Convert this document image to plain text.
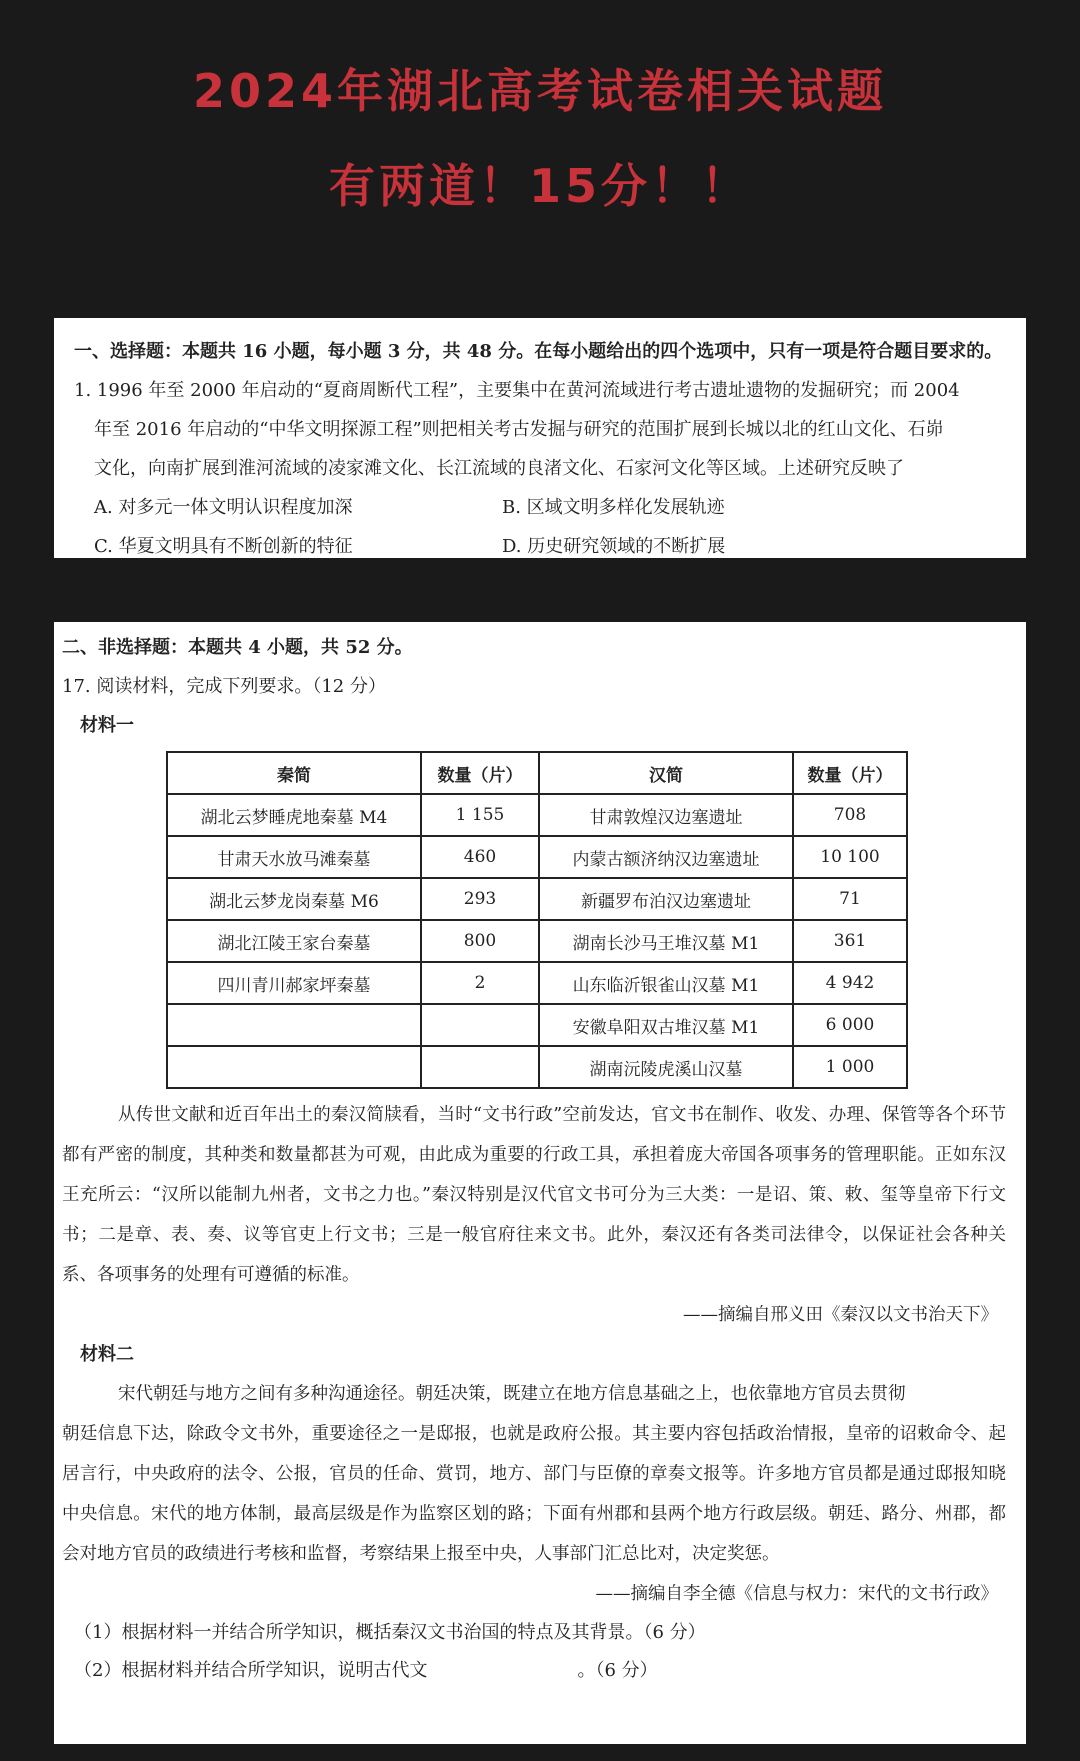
2024年湖北高考试卷相关试题
有两道！15分！！
一、选择题：本题共 16 小题，每小题 3 分，共 48 分。在每小题给出的四个选项中，只有一项是符合题目要求的。
1. 1996 年至 2000 年启动的“夏商周断代工程”，主要集中在黄河流域进行考古遗址遗物的发掘研究；而 2004
年至 2016 年启动的“中华文明探源工程”则把相关考古发掘与研究的范围扩展到长城以北的红山文化、石峁
文化，向南扩展到淮河流域的凌家滩文化、长江流域的良渚文化、石家河文化等区域。上述研究反映了
A. 对多元一体文明认识程度加深	B. 区域文明多样化发展轨迹
C. 华夏文明具有不断创新的特征	D. 历史研究领域的不断扩展
二、非选择题：本题共 4 小题，共 52 分。
17. 阅读材料，完成下列要求。（12 分）
材料一
秦简	数量（片）	汉简	数量（片）
湖北云梦睡虎地秦墓 M4	1 155	甘肃敦煌汉边塞遗址	708
甘肃天水放马滩秦墓	460	内蒙古额济纳汉边塞遗址	10 100
湖北云梦龙岗秦墓 M6	293	新疆罗布泊汉边塞遗址	71
湖北江陵王家台秦墓	800	湖南长沙马王堆汉墓 M1	361
四川青川郝家坪秦墓	2	山东临沂银雀山汉墓 M1	4 942
		安徽阜阳双古堆汉墓 M1	6 000
		湖南沅陵虎溪山汉墓	1 000

从传世文献和近百年出土的秦汉简牍看，当时“文书行政”空前发达，官文书在制作、收发、办理、保管等各个环节都有严密的制度，其种类和数量都甚为可观，由此成为重要的行政工具，承担着庞大帝国各项事务的管理职能。正如东汉王充所云：“汉所以能制九州者，文书之力也。”秦汉特别是汉代官文书可分为三大类：一是诏、策、敕、玺等皇帝下行文书；二是章、表、奏、议等官吏上行文书；三是一般官府往来文书。此外，秦汉还有各类司法律令，以保证社会各种关系、各项事务的处理有可遵循的标准。

——摘编自邢义田《秦汉以文书治天下》
材料二

宋代朝廷与地方之间有多种沟通途径。朝廷决策，既建立在地方信息基础之上，也依靠地方官员去贯彻

朝廷信息下达，除政令文书外，重要途径之一是邸报，也就是政府公报。其主要内容包括政治情报，皇帝的诏敕命令、起居言行，中央政府的法令、公报，官员的任命、赏罚，地方、部门与臣僚的章奏文报等。许多地方官员都是通过邸报知晓中央信息。宋代的地方体制，最高层级是作为监察区划的路；下面有州郡和县两个地方行政层级。朝廷、路分、州郡，都会对地方官员的政绩进行考核和监督，考察结果上报至中央，人事部门汇总比对，决定奖惩。

——摘编自李全德《信息与权力：宋代的文书行政》
（1）根据材料一并结合所学知识，概括秦汉文书治国的特点及其背景。（6 分）
（2）根据材料并结合所学知识，说明古代文	。（6 分）
